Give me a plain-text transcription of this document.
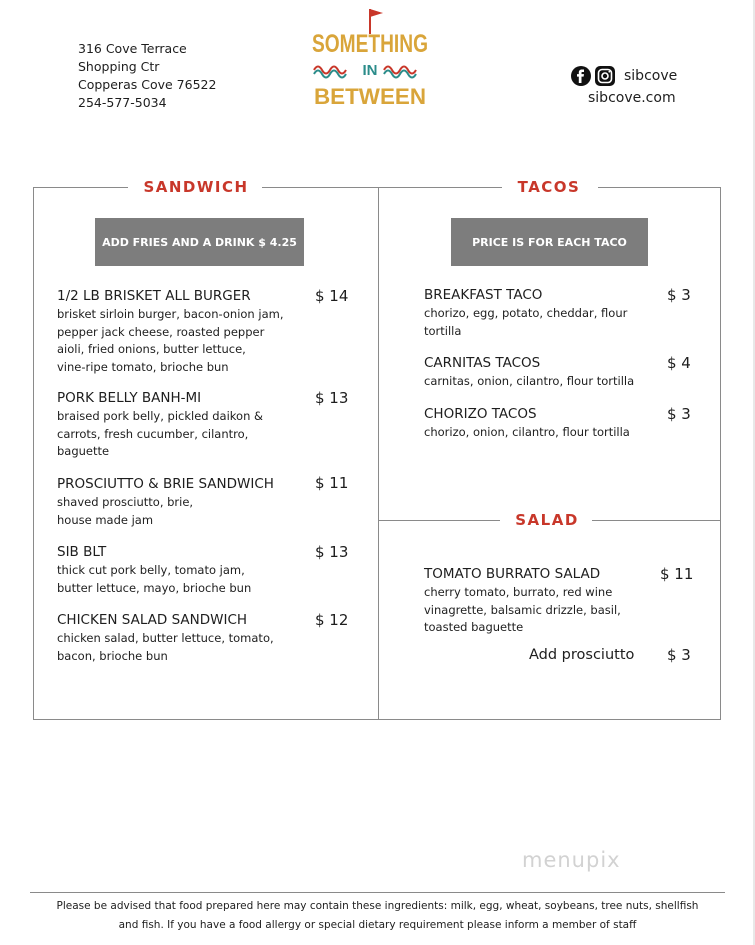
316 Cove Terrace
Shopping Ctr
Copperas Cove 76522
254-577-5034
SOMETHING
IN
BETWEEN
sibcove
sibcove.com
SANDWICH	TACOS
SALAD
ADD FRIES AND A DRINK $ 4.25	PRICE IS FOR EACH TACO
1/2 LB BRISKET ALL BURGER
brisket sirloin burger, bacon-onion jam,
pepper jack cheese, roasted pepper
aioli, fried onions, butter lettuce,
vine-ripe tomato, brioche bun
$ 14
PORK BELLY BANH-MI
braised pork belly, pickled daikon &
carrots, fresh cucumber, cilantro,
baguette
$ 13
PROSCIUTTO & BRIE SANDWICH
shaved prosciutto, brie,
house made jam
$ 11
SIB BLT
thick cut pork belly, tomato jam,
butter lettuce, mayo, brioche bun
$ 13
CHICKEN SALAD SANDWICH
chicken salad, butter lettuce, tomato,
bacon, brioche bun
$ 12
BREAKFAST TACO
chorizo, egg, potato, cheddar, flour
tortilla
$ 3
CARNITAS TACOS
carnitas, onion, cilantro, flour tortilla
$ 4
CHORIZO TACOS
chorizo, onion, cilantro, flour tortilla
$ 3
TOMATO BURRATO SALAD
cherry tomato, burrato, red wine
vinagrette, balsamic drizzle, basil,
toasted baguette
$ 11
Add prosciutto $ 3
menupix
Please be advised that food prepared here may contain these ingredients: milk, egg, wheat, soybeans, tree nuts, shellfish
and fish. If you have a food allergy or special dietary requirement please inform a member of staff
